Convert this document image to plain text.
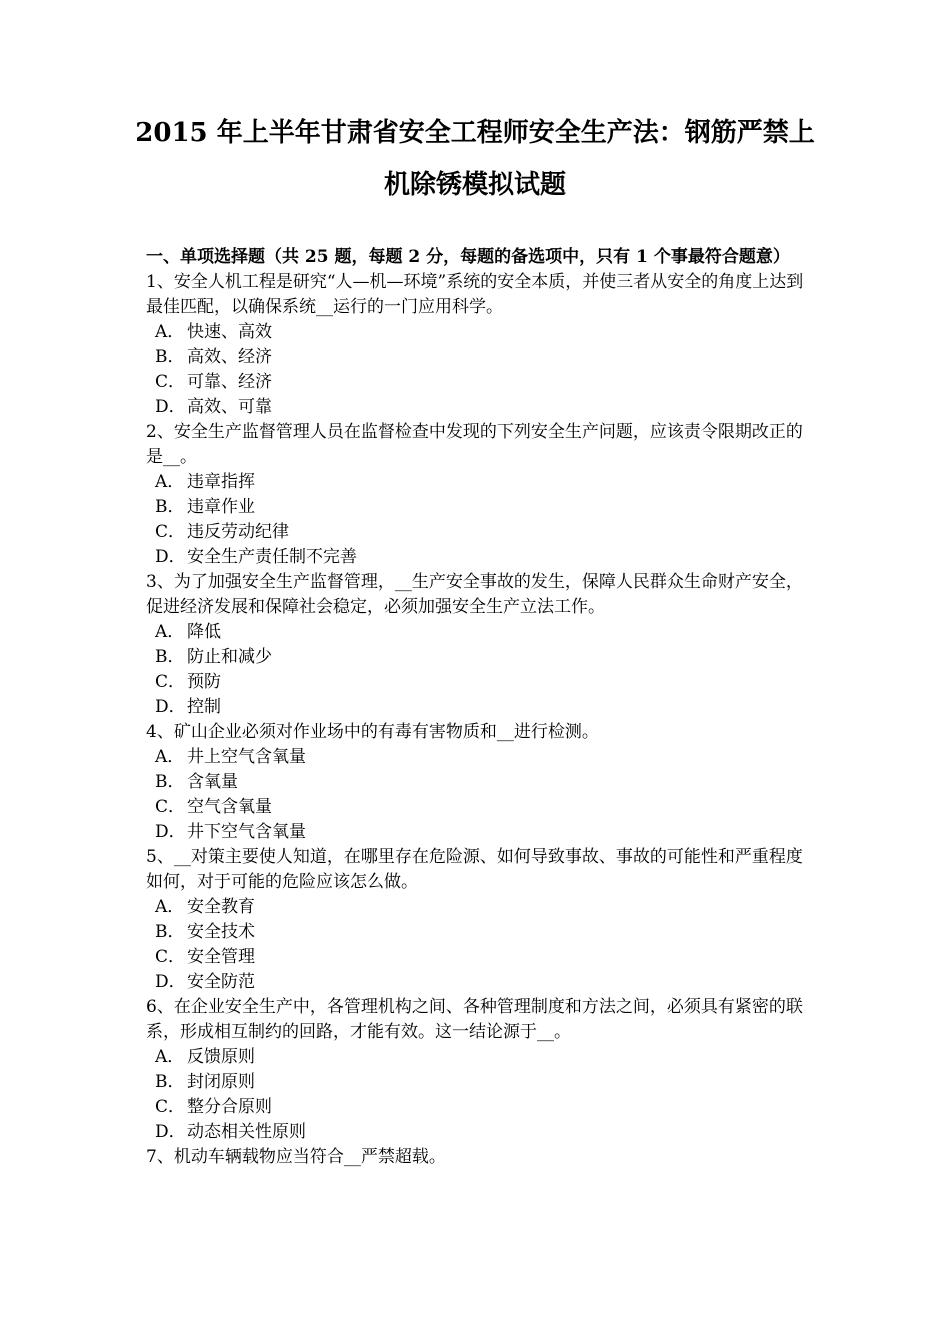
2015 年上半年甘肃省安全工程师安全生产法：钢筋严禁上
机除锈模拟试题
一、单项选择题（共 25 题，每题 2 分，每题的备选项中，只有 1 个事最符合题意）
1、安全人机工程是研究“人—机—环境”系统的安全本质，并使三者从安全的角度上达到最佳匹配，以确保系统__运行的一门应用科学。
A． 快速、高效
B． 高效、经济
C． 可靠、经济
D．高效、可靠
2、安全生产监督管理人员在监督检查中发现的下列安全生产问题，应该责令限期改正的是__。
A． 违章指挥
B． 违章作业
C． 违反劳动纪律
D．安全生产责任制不完善
3、为了加强安全生产监督管理，__生产安全事故的发生，保障人民群众生命财产安全，促进经济发展和保障社会稳定，必须加强安全生产立法工作。
A． 降低
B． 防止和减少
C． 预防
D．控制
4、矿山企业必须对作业场中的有毒有害物质和__进行检测。
A． 井上空气含氧量
B． 含氧量
C． 空气含氧量
D．井下空气含氧量
5、__对策主要使人知道，在哪里存在危险源、如何导致事故、事故的可能性和严重程度如何，对于可能的危险应该怎么做。
A． 安全教育
B． 安全技术
C． 安全管理
D．安全防范
6、在企业安全生产中，各管理机构之间、各种管理制度和方法之间，必须具有紧密的联系，形成相互制约的回路，才能有效。这一结论源于__。
A． 反馈原则
B． 封闭原则
C． 整分合原则
D．动态相关性原则
7、机动车辆载物应当符合__严禁超载。
